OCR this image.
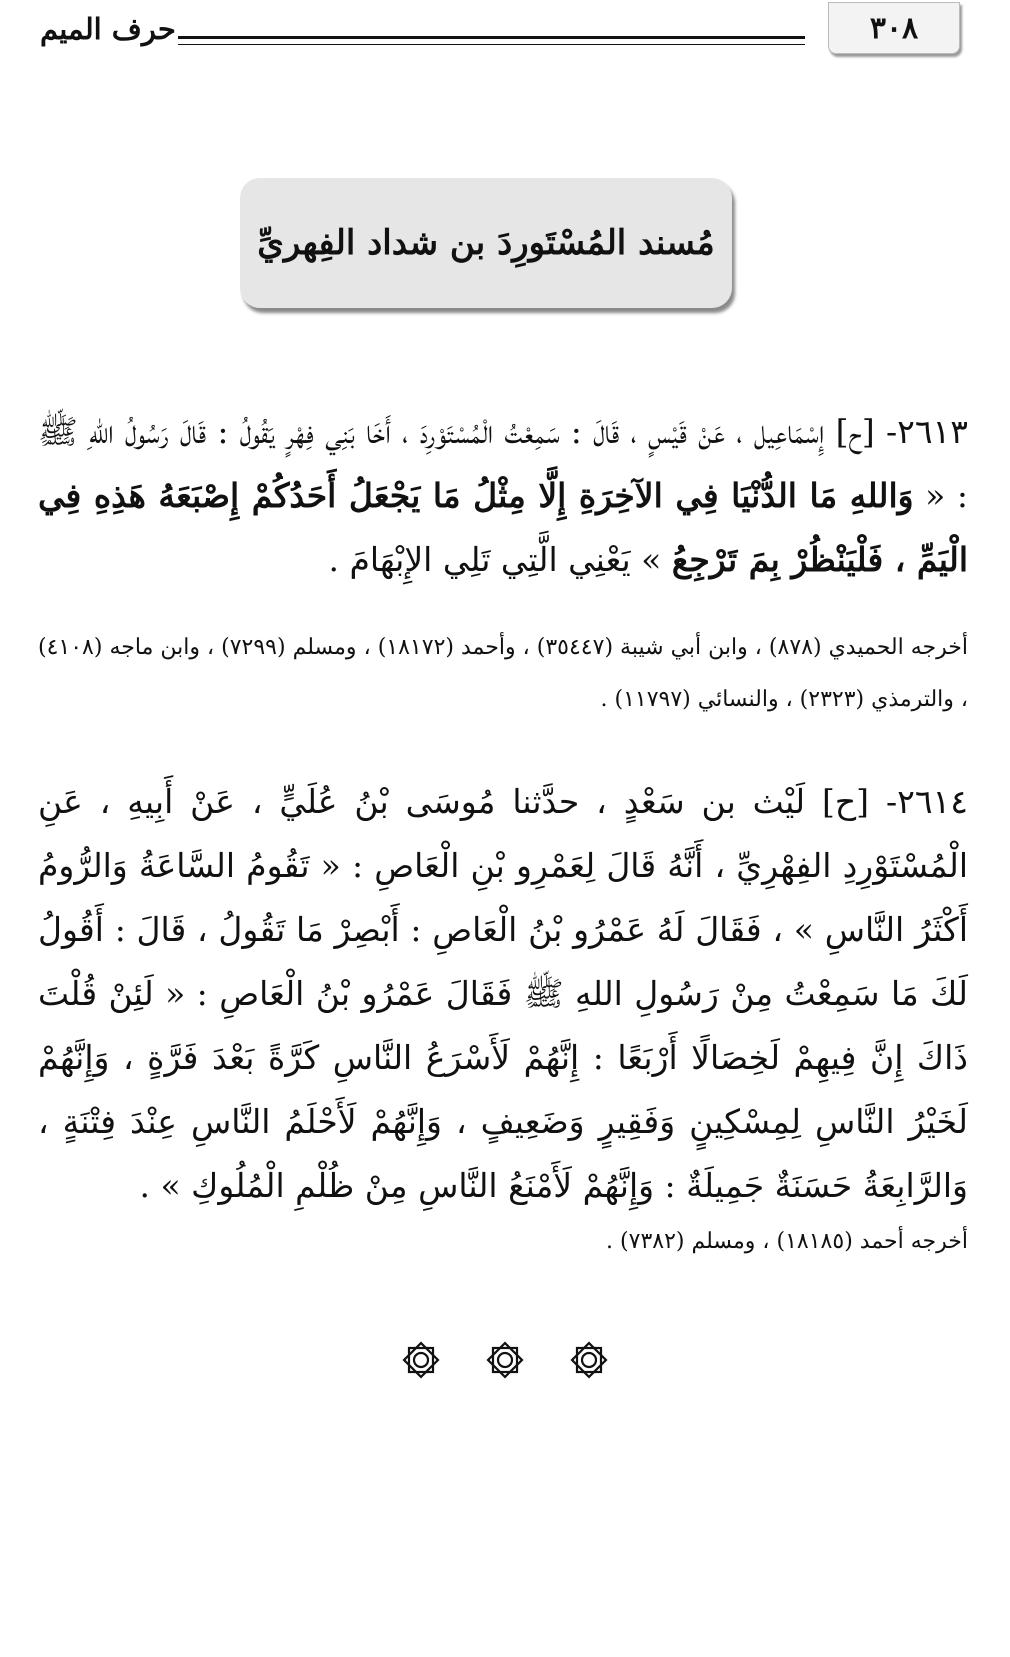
٣٠٨
حرف الميم
مُسند المُسْتَورِدَ بن شداد الفِهريِّ

٢٦١٣- [ح] إِسْمَاعِيل ، عَنْ قَيْسٍ ، قَالَ : سَمِعْتُ الْمُسْتَوْرِدَ ، أَخَا بَنِي فِهْرٍ يَقُولُ : قَالَ رَسُولُ اللهِ ﷺ : « وَاللهِ مَا الدُّنْيَا فِي الآخِرَةِ إِلَّا مِثْلُ مَا يَجْعَلُ أَحَدُكُمْ إِصْبَعَهُ هَذِهِ فِي الْيَمِّ ، فَلْيَنْظُرْ بِمَ تَرْجِعُ » يَعْنِي الَّتِي تَلِي الإِبْهَامَ .

أخرجه الحميدي (٨٧٨) ، وابن أبي شيبة (٣٥٤٤٧) ، وأحمد (١٨١٧٢) ، ومسلم (٧٢٩٩) ، وابن ماجه (٤١٠٨) ، والترمذي (٢٣٢٣) ، والنسائي (١١٧٩٧) .

٢٦١٤- [ح] لَيْث بن سَعْدٍ ، حدَّثنا مُوسَى بْنُ عُلَيٍّ ، عَنْ أَبِيهِ ، عَنِ الْمُسْتَوْرِدِ الفِهْرِيِّ ، أَنَّهُ قَالَ لِعَمْرِو بْنِ الْعَاصِ : « تَقُومُ السَّاعَةُ وَالرُّومُ أَكْثَرُ النَّاسِ » ، فَقَالَ لَهُ عَمْرُو بْنُ الْعَاصِ : أَبْصِرْ مَا تَقُولُ ، قَالَ : أَقُولُ لَكَ مَا سَمِعْتُ مِنْ رَسُولِ اللهِ ﷺ فَقَالَ عَمْرُو بْنُ الْعَاصِ : « لَئِنْ قُلْتَ ذَاكَ إِنَّ فِيهِمْ لَخِصَالًا أَرْبَعًا : إِنَّهُمْ لَأَسْرَعُ النَّاسِ كَرَّةً بَعْدَ فَرَّةٍ ، وَإِنَّهُمْ لَخَيْرُ النَّاسِ لِمِسْكِينٍ وَفَقِيرٍ وَضَعِيفٍ ، وَإِنَّهُمْ لَأَحْلَمُ النَّاسِ عِنْدَ فِتْنَةٍ ، وَالرَّابِعَةُ حَسَنَةٌ جَمِيلَةٌ : وَإِنَّهُمْ لَأَمْنَعُ النَّاسِ مِنْ ظُلْمِ الْمُلُوكِ » .

أخرجه أحمد (١٨١٨٥) ، ومسلم (٧٣٨٢) .
